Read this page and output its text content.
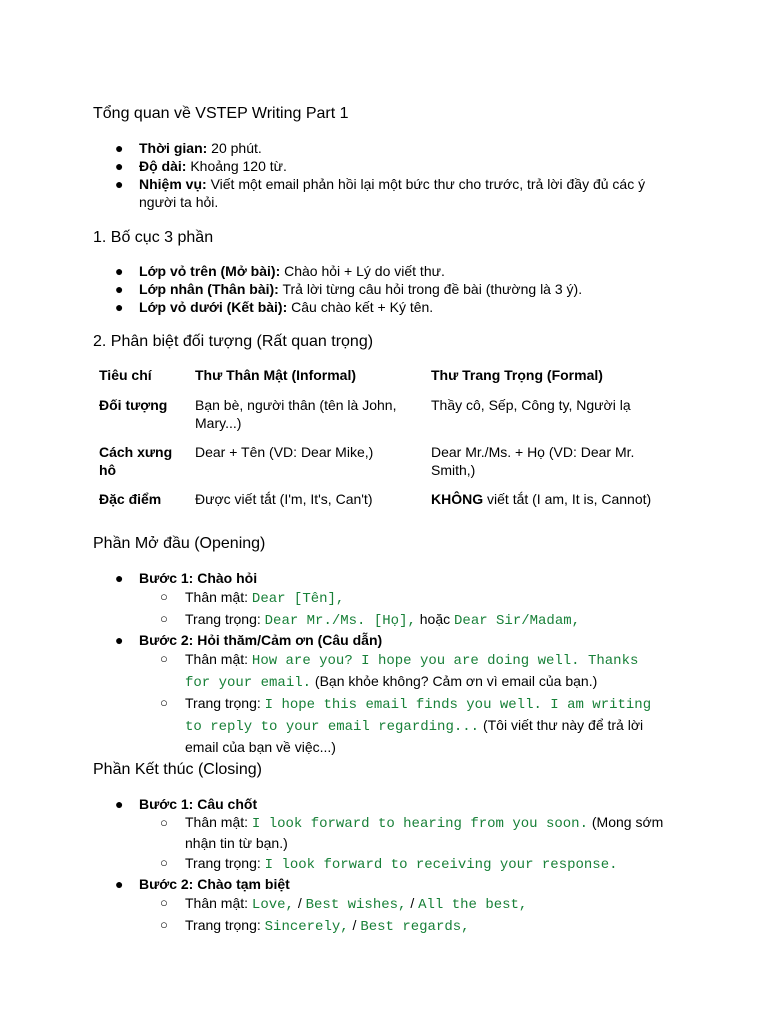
Tổng quan về VSTEP Writing Part 1
● Thời gian: 20 phút.
● Độ dài: Khoảng 120 từ.
● Nhiệm vụ: Viết một email phản hồi lại một bức thư cho trước, trả lời đầy đủ các ý người ta hỏi.
1. Bố cục 3 phần
● Lớp vỏ trên (Mở bài): Chào hỏi + Lý do viết thư.
● Lớp nhân (Thân bài): Trả lời từng câu hỏi trong đề bài (thường là 3 ý).
● Lớp vỏ dưới (Kết bài): Câu chào kết + Ký tên.
2. Phân biệt đối tượng (Rất quan trọng)
Tiêu chí	Thư Thân Mật (Informal)	Thư Trang Trọng (Formal)
Đối tượng	Bạn bè, người thân (tên là John, Mary...)	Thầy cô, Sếp, Công ty, Người lạ
Cách xưng hô	Dear + Tên (VD: Dear Mike,)	Dear Mr./Ms. + Họ (VD: Dear Mr. Smith,)
Đặc điểm	Được viết tắt (I'm, It's, Can't)	KHÔNG viết tắt (I am, It is, Cannot)
Phần Mở đầu (Opening)
● Bước 1: Chào hỏi
○ Thân mật: Dear [Tên],
○ Trang trọng: Dear Mr./Ms. [Họ], hoặc Dear Sir/Madam,
● Bước 2: Hỏi thăm/Cảm ơn (Câu dẫn)
○ Thân mật: How are you? I hope you are doing well. Thanks for your email. (Bạn khỏe không? Cảm ơn vì email của bạn.)
○ Trang trọng: I hope this email finds you well. I am writing to reply to your email regarding... (Tôi viết thư này để trả lời email của bạn về việc...)
Phần Kết thúc (Closing)
● Bước 1: Câu chốt
○ Thân mật: I look forward to hearing from you soon. (Mong sớm nhận tin từ bạn.)
○ Trang trọng: I look forward to receiving your response.
● Bước 2: Chào tạm biệt
○ Thân mật: Love, / Best wishes, / All the best,
○ Trang trọng: Sincerely, / Best regards,
